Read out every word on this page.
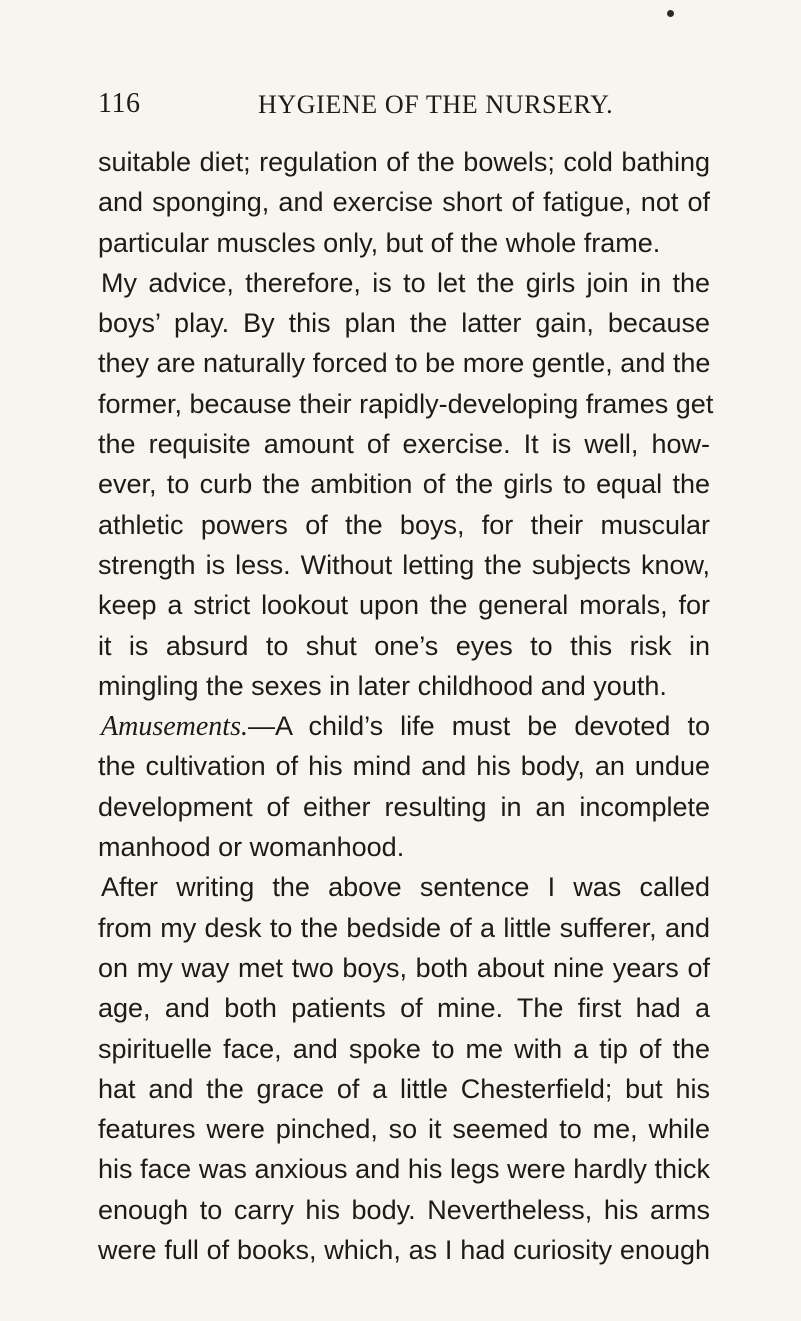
116	HYGIENE OF THE NURSERY.
suitable diet; regulation of the bowels; cold bathing
and sponging, and exercise short of fatigue, not of
particular muscles only, but of the whole frame.
My advice, therefore, is to let the girls join in the
boys’ play. By this plan the latter gain, because
they are naturally forced to be more gentle, and the
former, because their rapidly-developing frames get
the requisite amount of exercise. It is well, how-
ever, to curb the ambition of the girls to equal the
athletic powers of the boys, for their muscular
strength is less. Without letting the subjects know,
keep a strict lookout upon the general morals, for
it is absurd to shut one’s eyes to this risk in
mingling the sexes in later childhood and youth.
Amusements.—A child’s life must be devoted to
the cultivation of his mind and his body, an undue
development of either resulting in an incomplete
manhood or womanhood.
After writing the above sentence I was called
from my desk to the bedside of a little sufferer, and
on my way met two boys, both about nine years of
age, and both patients of mine. The first had a
spirituelle face, and spoke to me with a tip of the
hat and the grace of a little Chesterfield; but his
features were pinched, so it seemed to me, while
his face was anxious and his legs were hardly thick
enough to carry his body. Nevertheless, his arms
were full of books, which, as I had curiosity enough
